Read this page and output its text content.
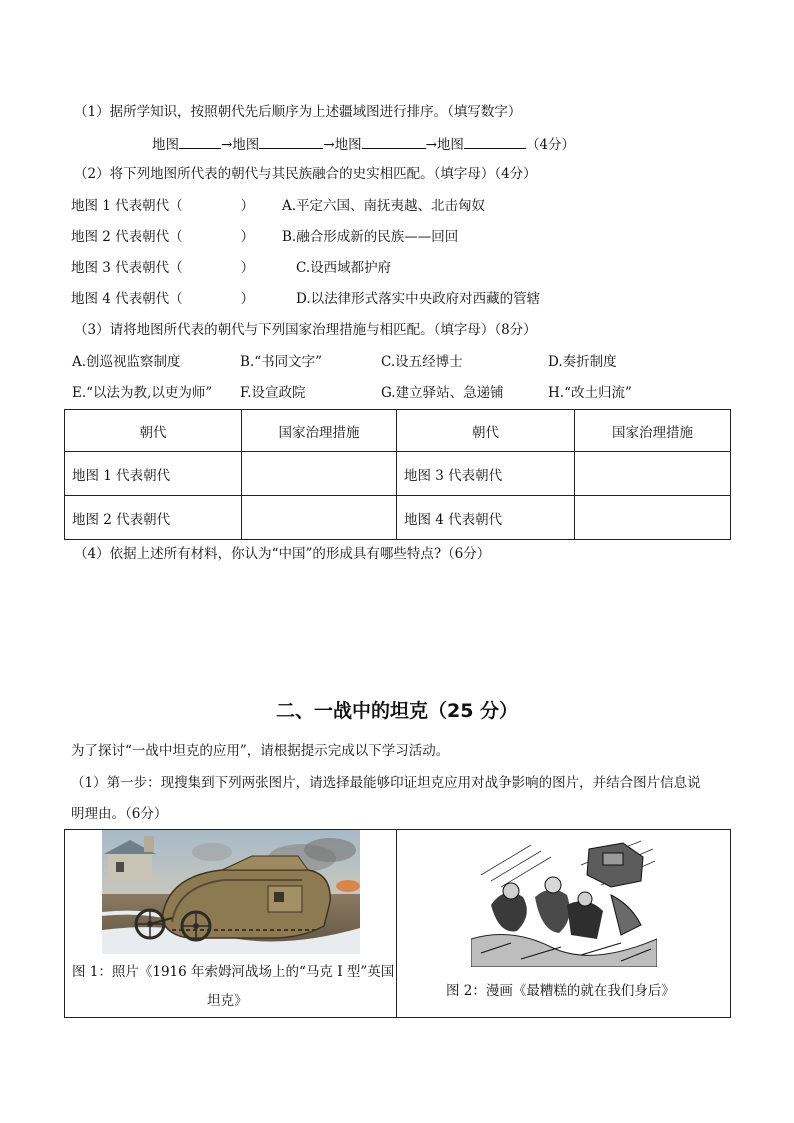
（1）据所学知识，按照朝代先后顺序为上述疆域图进行排序。（填写数字）
地图	→地图	→地图	→地图	（4分）
（2）将下列地图所代表的朝代与其民族融合的史实相匹配。（填字母）（4分）
地图 1 代表朝代（	） A.平定六国、南抚夷越、北击匈奴
地图 2 代表朝代（	） B.融合形成新的民族——回回
地图 3 代表朝代（	）	C.设西域都护府
地图 4 代表朝代（	）	D.以法律形式落实中央政府对西藏的管辖
（3）请将地图所代表的朝代与下列国家治理措施与相匹配。（填字母）（8分）
A.创巡视监察制度	B.“书同文字”	C.设五经博士	D.奏折制度
E.“以法为教,以吏为师” F.设宣政院	G.建立驿站、急递铺	H.“改土归流”
朝代	国家治理措施	朝代	国家治理措施
地图 1 代表朝代		地图 3 代表朝代	
地图 2 代表朝代		地图 4 代表朝代	
（4）依据上述所有材料，你认为“中国”的形成具有哪些特点?（6分）
二、一战中的坦克（25 分）
为了探讨“一战中坦克的应用”，请根据提示完成以下学习活动。
（1）第一步：现搜集到下列两张图片，请选择最能够印证坦克应用对战争影响的图片，并结合图片信息说
明理由。（6分）
图 1：照片《1916 年索姆河战场上的“马克 I 型”英国
坦克》

图 2：漫画《最糟糕的就在我们身后》
